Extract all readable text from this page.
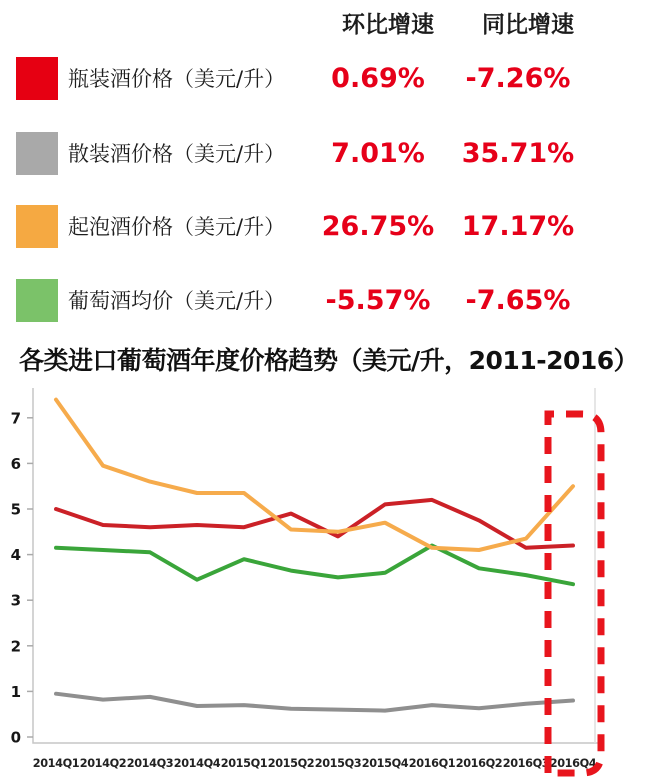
环比增速	同比增速
瓶装酒价格（美元/升）	0.69%	-7.26%
散装酒价格（美元/升）	7.01%	35.71%
起泡酒价格（美元/升）	26.75%	17.17%
葡萄酒均价（美元/升）	-5.57%	-7.65%
各类进口葡萄酒年度价格趋势（美元/升，2011-2016）
0
1
2
3
4
5
6
7
2014Q1 2014Q2 2014Q3 2014Q4 2015Q1 2015Q2 2015Q3 2015Q4 2016Q1 2016Q2 2016Q3 2016Q4
